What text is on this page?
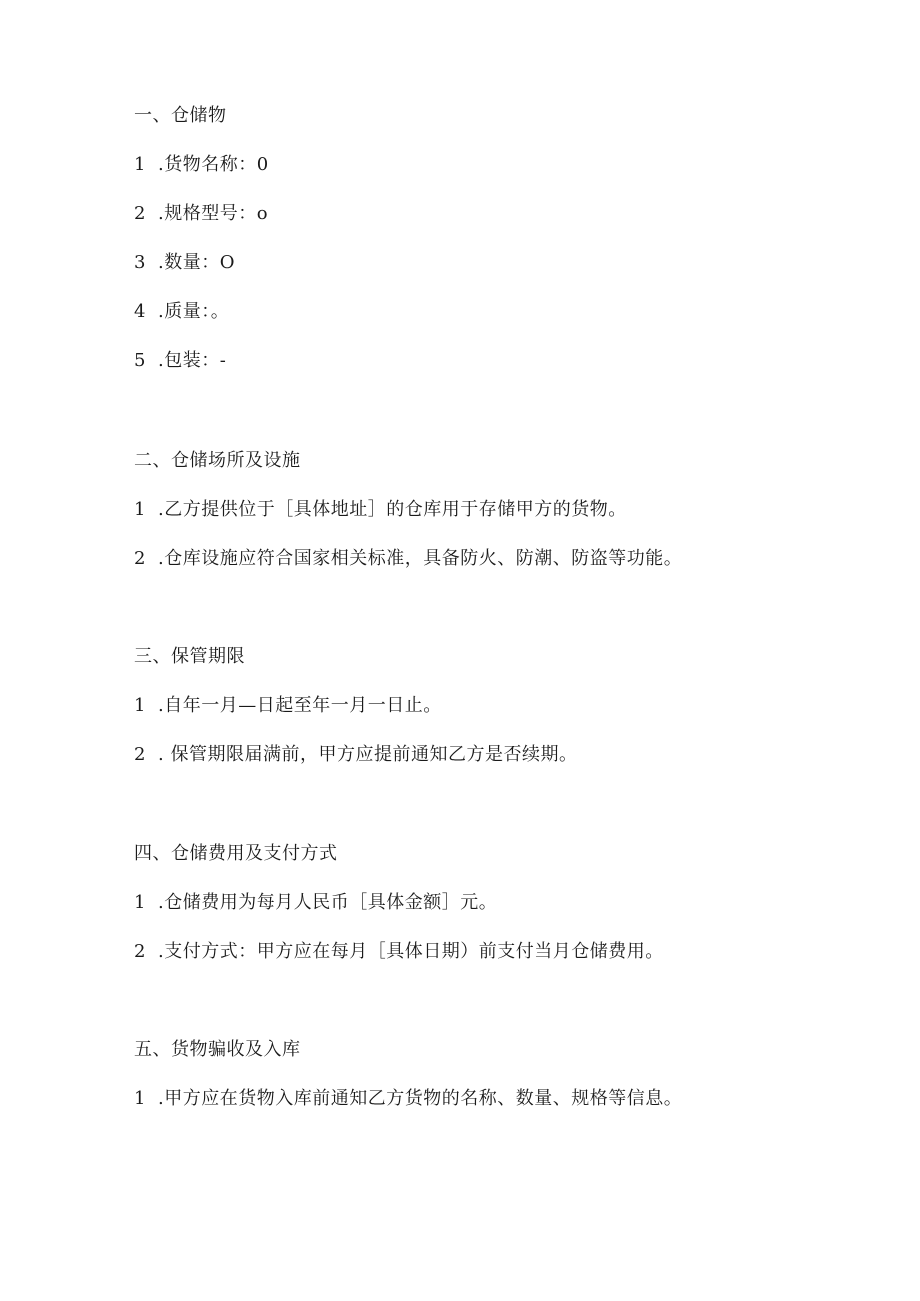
一、仓储物
1 .货物名称：0
2 .规格型号：o
3 .数量：O
4 .质量：。
5 .包装：-
二、仓储场所及设施
1 .乙方提供位于［具体地址］的仓库用于存储甲方的货物。
2 .仓库设施应符合国家相关标准，具备防火、防潮、防盗等功能。
三、保管期限
1 .自年一月—日起至年一月一日止。
2 . 保管期限届满前，甲方应提前通知乙方是否续期。
四、仓储费用及支付方式
1 .仓储费用为每月人民币［具体金额］元。
2 .支付方式：甲方应在每月［具体日期）前支付当月仓储费用。
五、货物骗收及入库
1 .甲方应在货物入库前通知乙方货物的名称、数量、规格等信息。
